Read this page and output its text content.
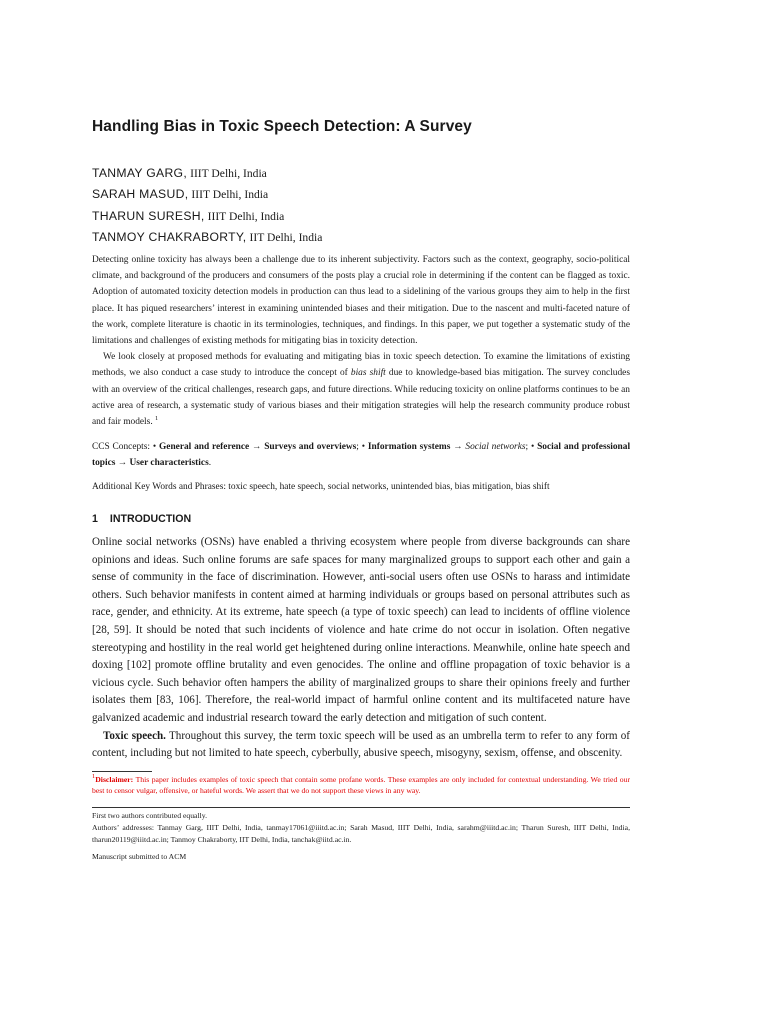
Handling Bias in Toxic Speech Detection: A Survey
TANMAY GARG, IIIT Delhi, India
SARAH MASUD, IIIT Delhi, India
THARUN SURESH, IIIT Delhi, India
TANMOY CHAKRABORTY, IIT Delhi, India

Detecting online toxicity has always been a challenge due to its inherent subjectivity. Factors such as the context, geography, socio-political climate, and background of the producers and consumers of the posts play a crucial role in determining if the content can be flagged as toxic. Adoption of automated toxicity detection models in production can thus lead to a sidelining of the various groups they aim to help in the first place. It has piqued researchers’ interest in examining unintended biases and their mitigation. Due to the nascent and multi-faceted nature of the work, complete literature is chaotic in its terminologies, techniques, and findings. In this paper, we put together a systematic study of the limitations and challenges of existing methods for mitigating bias in toxicity detection.

We look closely at proposed methods for evaluating and mitigating bias in toxic speech detection. To examine the limitations of existing methods, we also conduct a case study to introduce the concept of bias shift due to knowledge-based bias mitigation. The survey concludes with an overview of the critical challenges, research gaps, and future directions. While reducing toxicity on online platforms continues to be an active area of research, a systematic study of various biases and their mitigation strategies will help the research community produce robust and fair models. $^1$

CCS Concepts: • General and reference → Surveys and overviews; • Information systems → Social networks; • Social and professional topics → User characteristics.

Additional Key Words and Phrases: toxic speech, hate speech, social networks, unintended bias, bias mitigation, bias shift

1 INTRODUCTION

Online social networks (OSNs) have enabled a thriving ecosystem where people from diverse backgrounds can share opinions and ideas. Such online forums are safe spaces for many marginalized groups to support each other and gain a sense of community in the face of discrimination. However, anti-social users often use OSNs to harass and intimidate others. Such behavior manifests in content aimed at harming individuals or groups based on personal attributes such as race, gender, and ethnicity. At its extreme, hate speech (a type of toxic speech) can lead to incidents of offline violence [28, 59]. It should be noted that such incidents of violence and hate crime do not occur in isolation. Often negative stereotyping and hostility in the real world get heightened during online interactions. Meanwhile, online hate speech and doxing [102] promote offline brutality and even genocides. The online and offline propagation of toxic behavior is a vicious cycle. Such behavior often hampers the ability of marginalized groups to share their opinions freely and further isolates them [83, 106]. Therefore, the real-world impact of harmful online content and its multifaceted nature have galvanized academic and industrial research toward the early detection and mitigation of such content.

Toxic speech. Throughout this survey, the term toxic speech will be used as an umbrella term to refer to any form of content, including but not limited to hate speech, cyberbully, abusive speech, misogyny, sexism, offense, and obscenity.

$^1$Disclaimer: This paper includes examples of toxic speech that contain some profane words. These examples are only included for contextual understanding. We tried our best to censor vulgar, offensive, or hateful words. We assert that we do not support these views in any way.

First two authors contributed equally.

Authors’ addresses: Tanmay Garg, IIIT Delhi, India, tanmay17061@iiitd.ac.in; Sarah Masud, IIIT Delhi, India, sarahm@iiitd.ac.in; Tharun Suresh, IIIT Delhi, India, tharun20119@iiitd.ac.in; Tanmoy Chakraborty, IIT Delhi, India, tanchak@iitd.ac.in.

Manuscript submitted to ACM
